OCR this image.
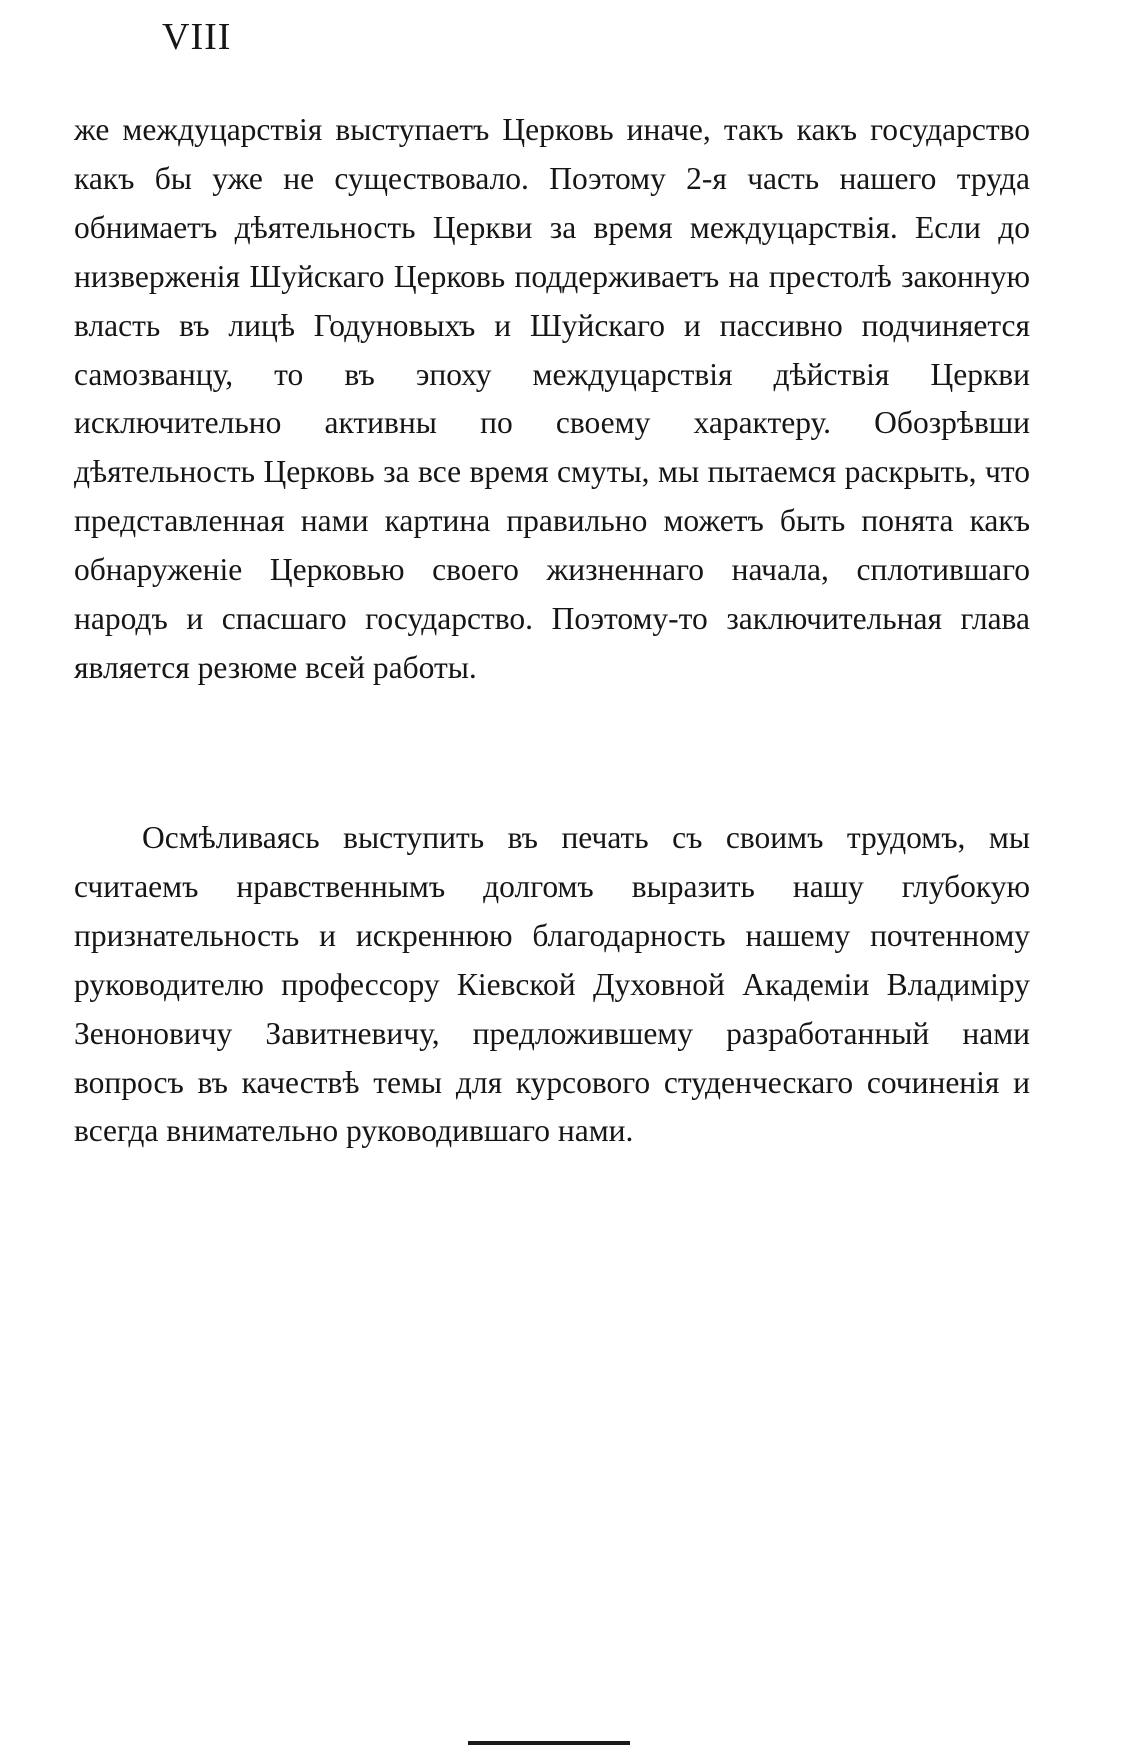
VIII

же междуцарствія выступаетъ Церковь иначе, такъ какъ государство какъ бы уже не существовало. Поэтому 2-я часть нашего труда обнимаетъ дѣятельность Церкви за время междуцарствія. Если до низверженія Шуйскаго Церковь поддерживаетъ на престолѣ законную власть въ лицѣ Годуновыхъ и Шуйскаго и пассивно подчиняется самозванцу, то въ эпоху междуцарствія дѣйствія Церкви исключительно активны по своему характеру. Обозрѣвши дѣятельность Церковь за все время смуты, мы пытаемся раскрыть, что представленная нами картина правильно можетъ быть понята какъ обнаруженіе Церковью своего жизненнаго начала, сплотившаго народъ и спасшаго государство. Поэтому-то заключительная глава является резюме всей работы.

Осмѣливаясь выступить въ печать съ своимъ трудомъ, мы считаемъ нравственнымъ долгомъ выразить нашу глубокую признательность и искреннюю благодарность нашему почтенному руководителю профессору Кіевской Духовной Академіи Владиміру Зеноновичу Завитневичу, предложившему разработанный нами вопросъ въ качествѣ темы для курсового студенческаго сочиненія и всегда внимательно руководившаго нами.
